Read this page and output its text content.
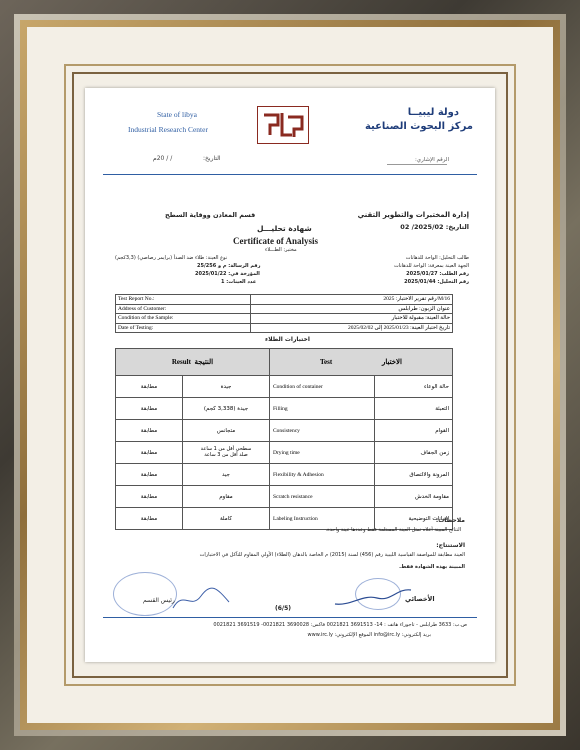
State of libya
Industrial Research Center
دولة ليبيــا
مركز البحوث الصناعية
الرقم الإشاري:
/ / 20م	التاريخ:
إدارة المختبرات والتطوير التقني
التاريخ: 2025/02/ 02
قسم المعادن ووقاية السطح
شهادة تحليـــل
Certificate of Analysis
مختبر: الطـــلاء
طالب التحليل: الواحة للدهانات
الجهة العينة بمعرفة: الواحة للدهانات
رقم الطلب: 2025/01/27
رقم التحليل: 2025/01/44
نوع العينة: طلاء ضد الصدأ (برايمر رصاصي) (3,3كجم)
رقم الرسالة: م و 25/256
المؤرخة في: 2025/01/22
عدد العينات: 1
Test Report No.:	رقم تقرير الاختبار: 2025/M/16
Address of Customer:	عنوان الزبون: طرابلس
Condition of the Sample:	حالة العينة: مقبولة للاختبار
Date of Testing:	تاريخ اختبار العينة: 2025/01/23 إلى 2025/02/02
اختبارات الطلاء
Result النتيجة		Test الاختبار	
مطابقة	جيدة	Condition of container	حالة الوعاء
مطابقة	جيدة (3,338 كجم)	Filling	التعبئة
مطابقة	متجانس	Consistency	القوام
مطابقة	سطحي أقل من 1 ساعة
صلد أقل من 3 ساعة	Drying time	زمن الجفاف
مطابقة	جيد	Flexibility & Adhesion	المرونة والالتصاق
مطابقة	مقاوم	Scratch resistance	مقاومة الخدش
مطابقة	كاملة	Labeling Instruction	البيانات التوضيحية
ملاحظات:
النتائج المبينة أعلاه تمثل العينة المستلمة فقط وعددها عينة واحدة.
الاستنتاج:
العينة مطابقة للمواصفة القياسية الليبية رقم (456) لسنة (2015) م الخاصة بالدهان (الطلاء) الأولي المقاوم للتآكل في الاختبارات
المبينة بهذه الشهادة فقط.
رئيس القسم	الأخصائي
(6/5)
ص.ب: 3633 طرابلس - تاجوراء هاتف : 14- 3691513 0021821 فاكس: 3690028 0021821- 3691519 0021821
بريد إلكتروني: info@irc.ly الموقع الإلكتروني: www.irc.ly
